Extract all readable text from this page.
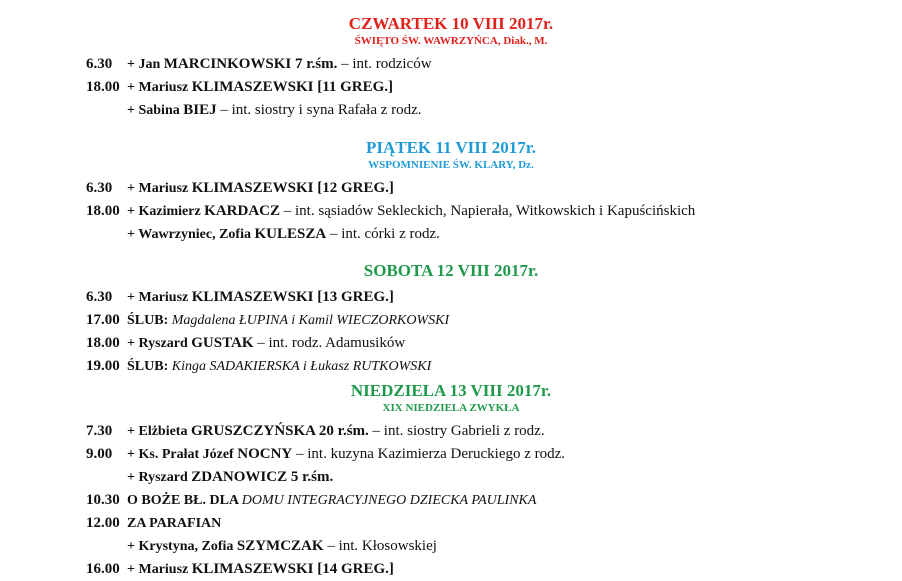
CZWARTEK 10 VIII 2017r.
ŚWIĘTO ŚW. WAWRZYŃCA, Diak., M.
6.30 + Jan MARCINKOWSKI 7 r.śm. – int. rodziców
18.00 + Mariusz KLIMASZEWSKI [11 GREG.]
+ Sabina BIEJ – int. siostry i syna Rafała z rodz.
PIĄTEK 11 VIII 2017r.
WSPOMNIENIE ŚW. KLARY, Dz.
6.30 + Mariusz KLIMASZEWSKI [12 GREG.]
18.00 + Kazimierz KARDACZ – int. sąsiadów Sekleckich, Napierała, Witkowskich i Kapuścińskich
+ Wawrzyniec, Zofia KULESZA – int. córki z rodz.
SOBOTA 12 VIII 2017r.
6.30 + Mariusz KLIMASZEWSKI [13 GREG.]
17.00 ŚLUB: Magdalena ŁUPINA i Kamil WIECZORKOWSKI
18.00 + Ryszard GUSTAK – int. rodz. Adamusików
19.00 ŚLUB: Kinga SADAKIERSKA i Łukasz RUTKOWSKI
NIEDZIELA 13 VIII 2017r.
XIX NIEDZIELA ZWYKŁA
7.30 + Elżbieta GRUSZCZYŃSKA 20 r.śm. – int. siostry Gabrieli z rodz.
9.00 + Ks. Prałat Józef NOCNY – int. kuzyna Kazimierza Deruckiego z rodz.
+ Ryszard ZDANOWICZ 5 r.śm.
10.30 O BOŻE BŁ. DLA DOMU INTEGRACYJNEGO DZIECKA PAULINKA
12.00 ZA PARAFIAN
+ Krystyna, Zofia SZYMCZAK – int. Kłosowskiej
16.00 + Mariusz KLIMASZEWSKI [14 GREG.]
